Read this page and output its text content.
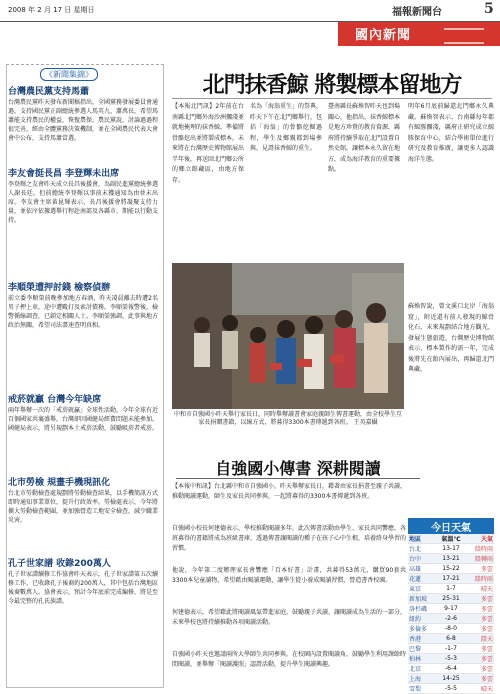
2008 年 2 月 17 日 星期日	福報新聞台	5
國內新聞
《新聞集錦》
台灣農民黨支持馬蕭
台灣農民黨昨天發布新聞稿指出，全國黨務發展委員會通過，支持國民黨正副總統參選人馬英九、蕭萬長，希望馬蕭能支持農民的權益，恢復農保。農民黨說，討論過過程很完善，經由全體黨務決策機制，並在全國農民代表大會會中公布，支持馬蕭當選。
李友會挺長昌 李登輝未出席
李登輝之友會昨天成立長昌後援會，為副民進黨總統參選人謝長廷。但前總統李登輝以事前未獲通知為由並未出席。李友會主席黃昆輝表示，長昌後援會將凝聚支持力量，並依序依據選舉行程赴南部及各縣市，期能以行動支持。
李順榮遭押討錢 檢察偵辦
前立委李順榮前晚參加地方春酒，昨天凌晨離去時遭2名男子押上車，途中遭毆打及索討債務。李順榮報警後，檢警循線調查，已鎖定相關人士。李順榮強調，此事與地方政治無關，希望司法盡速查明真相。
戒菸就贏 台灣今年缺席
兩年舉辦一次的「戒菸就贏」全球性活動，今年全球有近百個國家共襄盛舉，台灣卻因國健局經費問題未能參加。國健局表示，將另規劃本土戒菸活動，鼓勵吸菸者戒菸。
北市勞檢 規畫手機現訊化
台北市勞動檢查處規劃將勞動檢查結果，以手機簡訊方式即時通知事業單位，提升行政效率。勞檢處表示，今年將擴大勞動檢查範圍，並加強營造工地安全檢查，減少職業災害。
孔子世家譜 收錄200萬人
孔子世家譜續修工作協會昨天表示，孔子世家譜第五次續修工作，已收錄孔子後裔約200萬人，其中包括台灣地區後裔數萬人。協會表示，預計今年底前完成編修，將是至今最完整的孔氏族譜。
北門抹香鯨 將製標本留地方
【本報北門訊】2年前在台南縣北門鄉外海沙洲擱淺並就地掩埋的抹香鯨，準備將骨骼挖出並將製成標本，未來將在台灣歷史博物館展出半年後，再送回北門鄉公所的鄉立館藏區，由地方保存。
名為「海翁重生」的祭典，昨天下午在北門鄉舉行，包括「海翁」的骨骼挖掘過程，學生及鄉親都到場參與，見證抹香鯨的重生。
臺南縣長蘇煥智昨天也到場關心，他指出，抹香鯨標本是地方珍貴的教育資源，縣府將持續爭取在北門設置自然史館，讓標本永久留在地方，成為海洋教育的重要據點。
明年6月底前歸還北門鄉永久典藏。蘇煥智表示，台南縣每年都有鯨豚擱淺，縣府正研究成立鯨豚保育中心，結合學術單位進行研究及教育推廣，讓更多人認識海洋生態。
蘇煥智說，曾文溪口北岸「海翁窟」，附近還有前人發現的鯨骨化石，未來規劃結合地方觀光，發展生態旅遊。台灣歷史博物館表示，標本製作約需一年，完成後將先在館內展出，再歸還北門典藏。
中和市自強國小昨天舉行家長日，同時舉辦讀書會家庭親師生傳書運動，由全校學生互家長捐贈書籍，以線方式，將募得3300本書傳遞到各班。 王英嘉攝
自強國小傳書 深耕閱讀
【本報中和訊】台北縣中和市自強國小，昨天舉辦家長日，藉著由家長捐書至親子共讀，推動閱讀運動，師生及家長共同參與，一起將募得的3300本書傳遞到各班。
自強國小校長何建德表示，學校推動閱讀多年，此次傳書活動由學生、家長共同響應，各班募得的書籍將成為班級書庫，透過傳書讓閱讀的種子在孩子心中生根，培養終身學習的習慣。
他說，今年第二度辦理家長會響應「百本好書」計畫，共募得53萬元，購買90套共3300本兒童讀物，希望藉由閱讀運動，讓學生從小養成閱讀習慣，營造書香校園。
何建德表示，希望藉此將閱讀風氣帶進家庭，鼓勵親子共讀，讓閱讀成為生活的一部分，未來學校也將持續推動各項閱讀活動。
自強國小昨天也邀請兩所大學師生共同參與，在校園內設置閱讀角，鼓勵學生利用課餘時間閱讀，並舉辦「閱讀護照」認證活動，提升學生閱讀興趣。
今日天氣
地區	氣溫℃	天氣
台北	13-17	陰時雨
台中	13-21	陰轉雨
高雄	15-22	多雲
花蓮	17-21	陰時雨
東京	1-7	晴天
新加坡	25-31	多雲
洛杉磯	9-17	多雲
紐約	-2-6	多雲
多倫多	-8-0	多雲
香港	6-8	陰天
巴黎	-1-7	多雲
柏林	-5-3	多雲
北京	-6-4	多雲
上海	14-25	多雲
雪梨	-5-5	晴天
